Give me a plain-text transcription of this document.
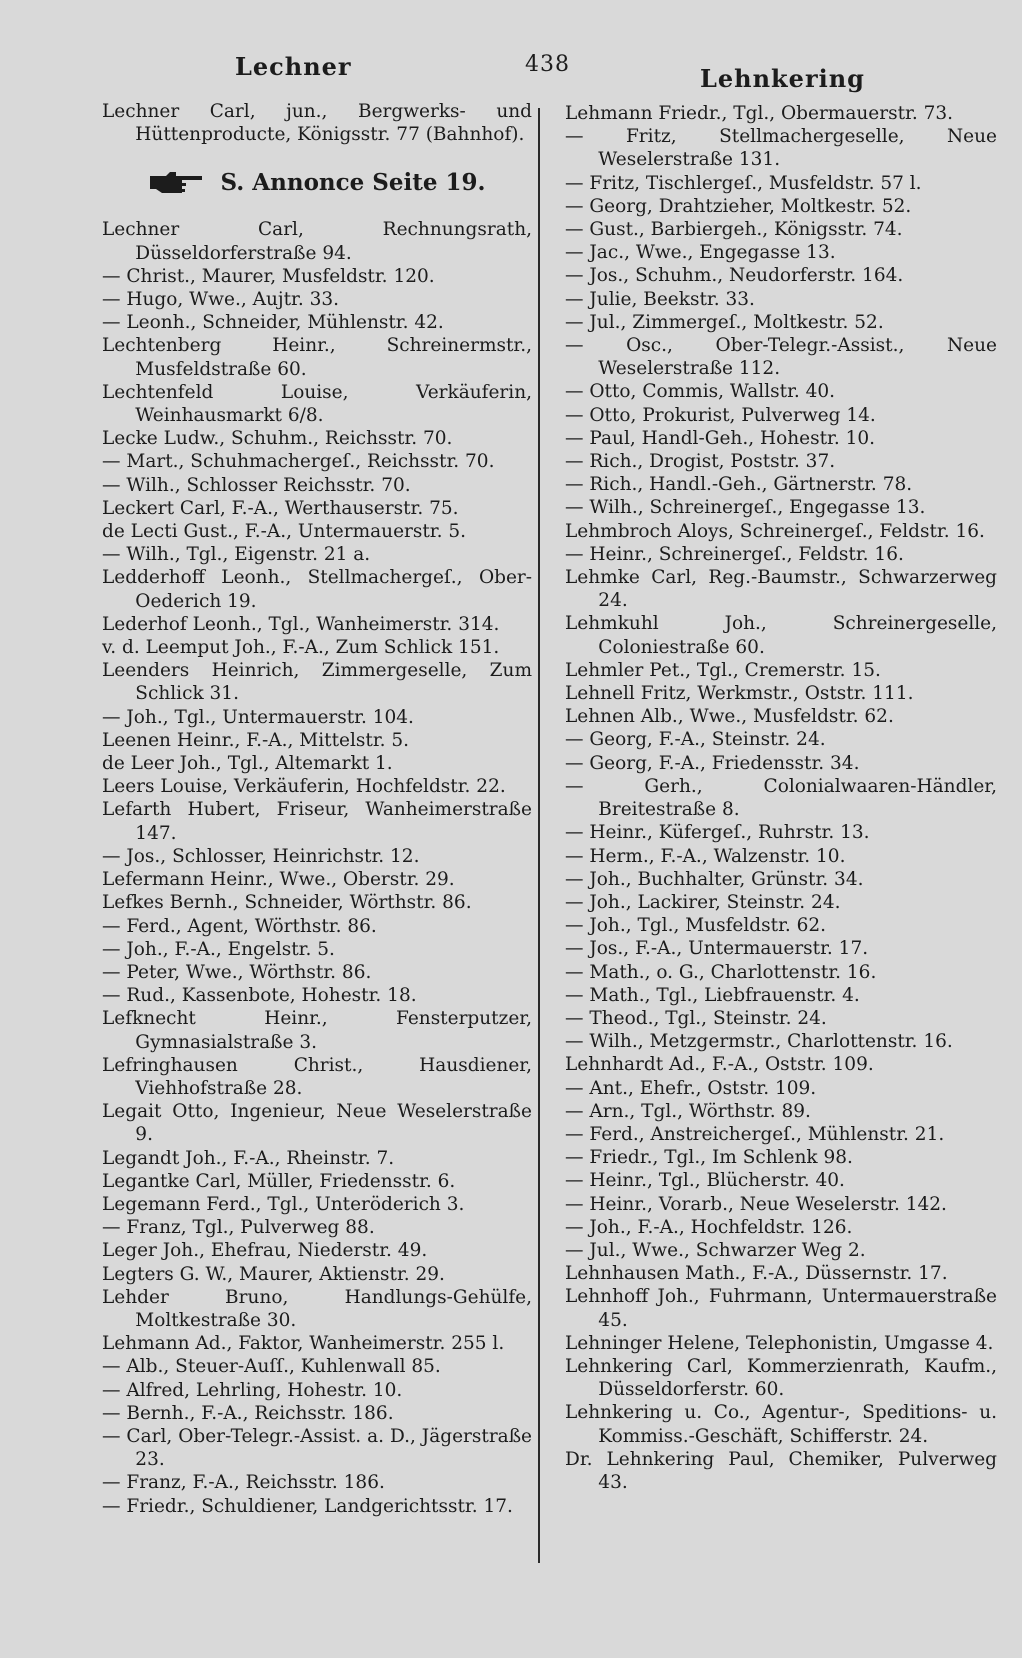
Lechner	438	Lehnkering
Lechner Carl, jun., Bergwerks- und Hüttenproducte, Königsstr. 77 (Bahnhof).
S. Annonce Seite 19.
Lechner Carl, Rechnungsrath, Düsseldorferstraße 94.
— Christ., Maurer, Musfeldstr. 120.
— Hugo, Wwe., Aujtr. 33.
— Leonh., Schneider, Mühlenstr. 42.
Lechtenberg Heinr., Schreinermstr., Musfeldstraße 60.
Lechtenfeld Louise, Verkäuferin, Weinhausmarkt 6/8.
Lecke Ludw., Schuhm., Reichsstr. 70.
— Mart., Schuhmachergeſ., Reichsstr. 70.
— Wilh., Schlosser Reichsstr. 70.
Leckert Carl, F.-A., Werthauserstr. 75.
de Lecti Gust., F.-A., Untermauerstr. 5.
— Wilh., Tgl., Eigenstr. 21 a.
Ledderhoff Leonh., Stellmachergeſ., Ober-Oederich 19.
Lederhof Leonh., Tgl., Wanheimerstr. 314.
v. d. Leemput Joh., F.-A., Zum Schlick 151.
Leenders Heinrich, Zimmergeselle, Zum Schlick 31.
— Joh., Tgl., Untermauerstr. 104.
Leenen Heinr., F.-A., Mittelstr. 5.
de Leer Joh., Tgl., Altemarkt 1.
Leers Louise, Verkäuferin, Hochfeldstr. 22.
Lefarth Hubert, Friseur, Wanheimerstraße 147.
— Jos., Schlosser, Heinrichstr. 12.
Lefermann Heinr., Wwe., Oberstr. 29.
Lefkes Bernh., Schneider, Wörthstr. 86.
— Ferd., Agent, Wörthstr. 86.
— Joh., F.-A., Engelstr. 5.
— Peter, Wwe., Wörthstr. 86.
— Rud., Kassenbote, Hohestr. 18.
Lefknecht Heinr., Fensterputzer, Gymnasialstraße 3.
Lefringhausen Christ., Hausdiener, Viehhofstraße 28.
Legait Otto, Ingenieur, Neue Weselerstraße 9.
Legandt Joh., F.-A., Rheinstr. 7.
Legantke Carl, Müller, Friedensstr. 6.
Legemann Ferd., Tgl., Unteröderich 3.
— Franz, Tgl., Pulverweg 88.
Leger Joh., Ehefrau, Niederstr. 49.
Legters G. W., Maurer, Aktienstr. 29.
Lehder Bruno, Handlungs-Gehülfe, Moltkestraße 30.
Lehmann Ad., Faktor, Wanheimerstr. 255 l.
— Alb., Steuer-Auſſ., Kuhlenwall 85.
— Alfred, Lehrling, Hohestr. 10.
— Bernh., F.-A., Reichsstr. 186.
— Carl, Ober-Telegr.-Assist. a. D., Jägerstraße 23.
— Franz, F.-A., Reichsstr. 186.
— Friedr., Schuldiener, Landgerichtsstr. 17.
Lehmann Friedr., Tgl., Obermauerstr. 73.
— Fritz, Stellmachergeselle, Neue Weselerstraße 131.
— Fritz, Tischlergeſ., Musfeldstr. 57 l.
— Georg, Drahtzieher, Moltkestr. 52.
— Gust., Barbiergeh., Königsstr. 74.
— Jac., Wwe., Engegasse 13.
— Jos., Schuhm., Neudorferstr. 164.
— Julie, Beekstr. 33.
— Jul., Zimmergeſ., Moltkestr. 52.
— Osc., Ober-Telegr.-Assist., Neue Weselerstraße 112.
— Otto, Commis, Wallstr. 40.
— Otto, Prokurist, Pulverweg 14.
— Paul, Handl-Geh., Hohestr. 10.
— Rich., Drogist, Poststr. 37.
— Rich., Handl.-Geh., Gärtnerstr. 78.
— Wilh., Schreinergeſ., Engegasse 13.
Lehmbroch Aloys, Schreinergeſ., Feldstr. 16.
— Heinr., Schreinergeſ., Feldstr. 16.
Lehmke Carl, Reg.-Baumstr., Schwarzerweg 24.
Lehmkuhl Joh., Schreinergeselle, Coloniestraße 60.
Lehmler Pet., Tgl., Cremerstr. 15.
Lehnell Fritz, Werkmstr., Oststr. 111.
Lehnen Alb., Wwe., Musfeldstr. 62.
— Georg, F.-A., Steinstr. 24.
— Georg, F.-A., Friedensstr. 34.
— Gerh., Colonialwaaren-Händler, Breitestraße 8.
— Heinr., Küfergeſ., Ruhrstr. 13.
— Herm., F.-A., Walzenstr. 10.
— Joh., Buchhalter, Grünstr. 34.
— Joh., Lackirer, Steinstr. 24.
— Joh., Tgl., Musfeldstr. 62.
— Jos., F.-A., Untermauerstr. 17.
— Math., o. G., Charlottenstr. 16.
— Math., Tgl., Liebfrauenstr. 4.
— Theod., Tgl., Steinstr. 24.
— Wilh., Metzgermstr., Charlottenstr. 16.
Lehnhardt Ad., F.-A., Oststr. 109.
— Ant., Ehefr., Oststr. 109.
— Arn., Tgl., Wörthstr. 89.
— Ferd., Anstreichergeſ., Mühlenstr. 21.
— Friedr., Tgl., Im Schlenk 98.
— Heinr., Tgl., Blücherstr. 40.
— Heinr., Vorarb., Neue Weselerstr. 142.
— Joh., F.-A., Hochfeldstr. 126.
— Jul., Wwe., Schwarzer Weg 2.
Lehnhausen Math., F.-A., Düssernstr. 17.
Lehnhoff Joh., Fuhrmann, Untermauerstraße 45.
Lehninger Helene, Telephonistin, Umgasse 4.
Lehnkering Carl, Kommerzienrath, Kaufm., Düsseldorferstr. 60.
Lehnkering u. Co., Agentur-, Speditions- u. Kommiss.-Geschäft, Schifferstr. 24.
Dr. Lehnkering Paul, Chemiker, Pulverweg 43.
